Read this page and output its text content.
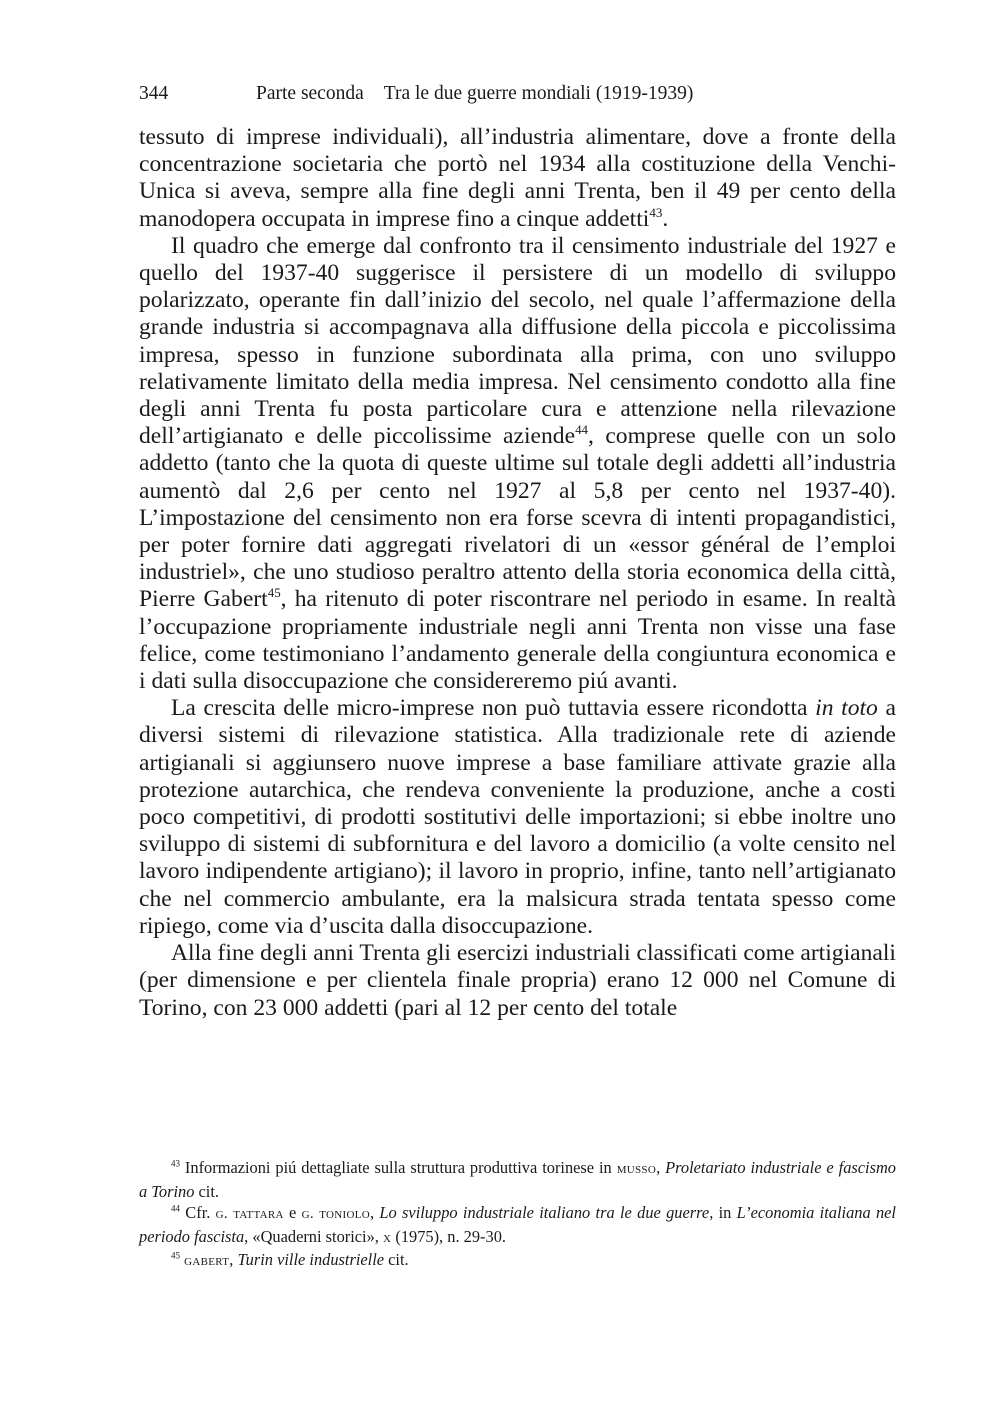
344	Parte seconda Tra le due guerre mondiali (1919-1939)

tessuto di imprese individuali), all’industria alimentare, dove a fronte della concentrazione societaria che portò nel 1934 alla costituzione della Venchi-Unica si aveva, sempre alla fine degli anni Trenta, ben il 49 per cento della manodopera occupata in imprese fino a cinque addetti$^{43}$.

Il quadro che emerge dal confronto tra il censimento industriale del 1927 e quello del 1937-40 suggerisce il persistere di un modello di sviluppo polarizzato, operante fin dall’inizio del secolo, nel quale l’affermazione della grande industria si accompagnava alla diffusione della piccola e piccolissima impresa, spesso in funzione subordinata alla prima, con uno sviluppo relativamente limitato della media impresa. Nel censimento condotto alla fine degli anni Trenta fu posta particolare cura e attenzione nella rilevazione dell’artigianato e delle piccolissime aziende$^{44}$, comprese quelle con un solo addetto (tanto che la quota di queste ultime sul totale degli addetti all’industria aumentò dal 2,6 per cento nel 1927 al 5,8 per cento nel 1937-40). L’impostazione del censimento non era forse scevra di intenti propagandistici, per poter fornire dati aggregati rivelatori di un «essor général de l’emploi industriel», che uno studioso peraltro attento della storia economica della città, Pierre Gabert$^{45}$, ha ritenuto di poter riscontrare nel periodo in esame. In realtà l’occupazione propriamente industriale negli anni Trenta non visse una fase felice, come testimoniano l’andamento generale della congiuntura economica e i dati sulla disoccupazione che considereremo piú avanti.

La crescita delle micro-imprese non può tuttavia essere ricondotta in toto a diversi sistemi di rilevazione statistica. Alla tradizionale rete di aziende artigianali si aggiunsero nuove imprese a base familiare attivate grazie alla protezione autarchica, che rendeva conveniente la produzione, anche a costi poco competitivi, di prodotti sostitutivi delle importazioni; si ebbe inoltre uno sviluppo di sistemi di subfornitura e del lavoro a domicilio (a volte censito nel lavoro indipendente artigiano); il lavoro in proprio, infine, tanto nell’artigianato che nel commercio ambulante, era la malsicura strada tentata spesso come ripiego, come via d’uscita dalla disoccupazione.

Alla fine degli anni Trenta gli esercizi industriali classificati come artigianali (per dimensione e per clientela finale propria) erano 12 000 nel Comune di Torino, con 23 000 addetti (pari al 12 per cento del totale

$^{43}$ Informazioni piú dettagliate sulla struttura produttiva torinese in musso, Proletariato industriale e fascismo a Torino cit.

$^{44}$ Cfr. g. tattara e g. toniolo, Lo sviluppo industriale italiano tra le due guerre, in L’economia italiana nel periodo fascista, «Quaderni storici», x (1975), n. 29-30.

$^{45}$ gabert, Turin ville industrielle cit.
